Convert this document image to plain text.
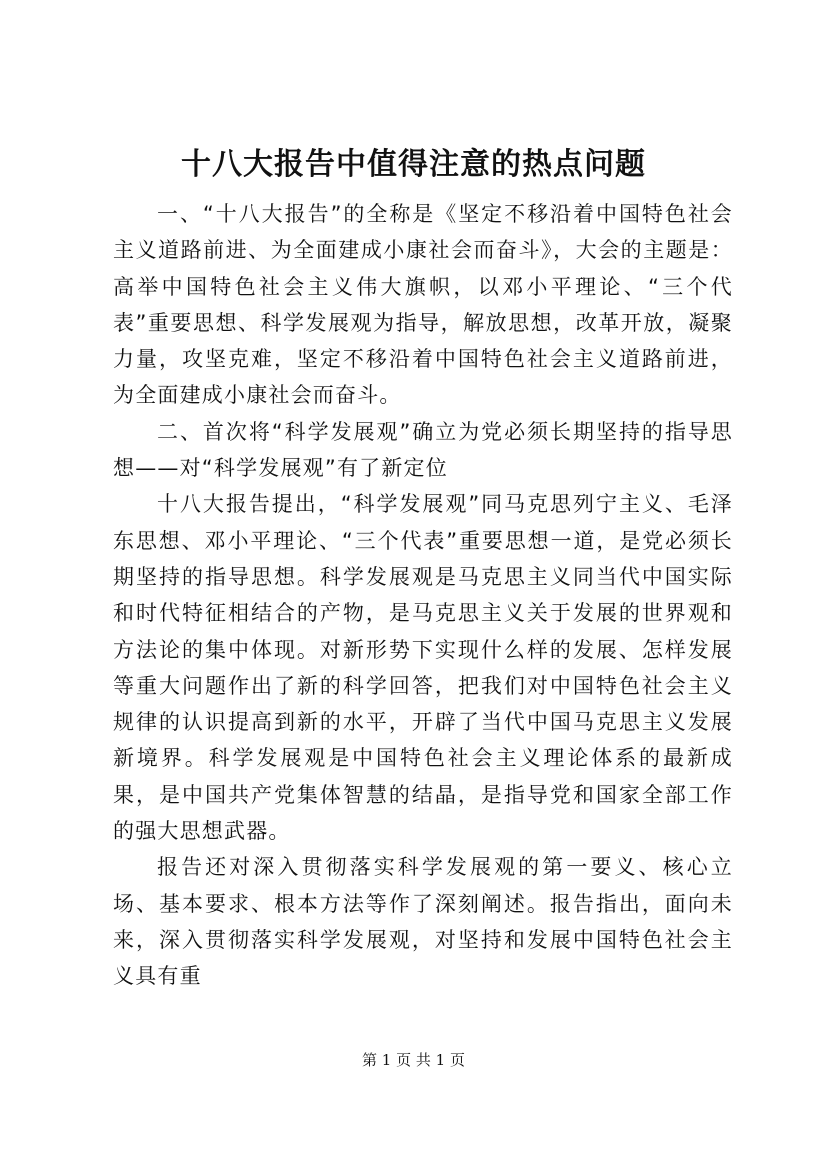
十八大报告中值得注意的热点问题

一、“十八大报告”的全称是《坚定不移沿着中国特色社会主义道路前进、为全面建成小康社会而奋斗》，大会的主题是：高举中国特色社会主义伟大旗帜，以邓小平理论、“三个代表”重要思想、科学发展观为指导，解放思想，改革开放，凝聚力量，攻坚克难，坚定不移沿着中国特色社会主义道路前进，为全面建成小康社会而奋斗。

二、首次将“科学发展观”确立为党必须长期坚持的指导思想——对“科学发展观”有了新定位

十八大报告提出，“科学发展观”同马克思列宁主义、毛泽东思想、邓小平理论、“三个代表”重要思想一道，是党必须长期坚持的指导思想。科学发展观是马克思主义同当代中国实际和时代特征相结合的产物，是马克思主义关于发展的世界观和方法论的集中体现。对新形势下实现什么样的发展、怎样发展等重大问题作出了新的科学回答，把我们对中国特色社会主义规律的认识提高到新的水平，开辟了当代中国马克思主义发展新境界。科学发展观是中国特色社会主义理论体系的最新成果，是中国共产党集体智慧的结晶，是指导党和国家全部工作的强大思想武器。

报告还对深入贯彻落实科学发展观的第一要义、核心立场、基本要求、根本方法等作了深刻阐述。报告指出，面向未来，深入贯彻落实科学发展观，对坚持和发展中国特色社会主义具有重

第 1 页 共 1 页
